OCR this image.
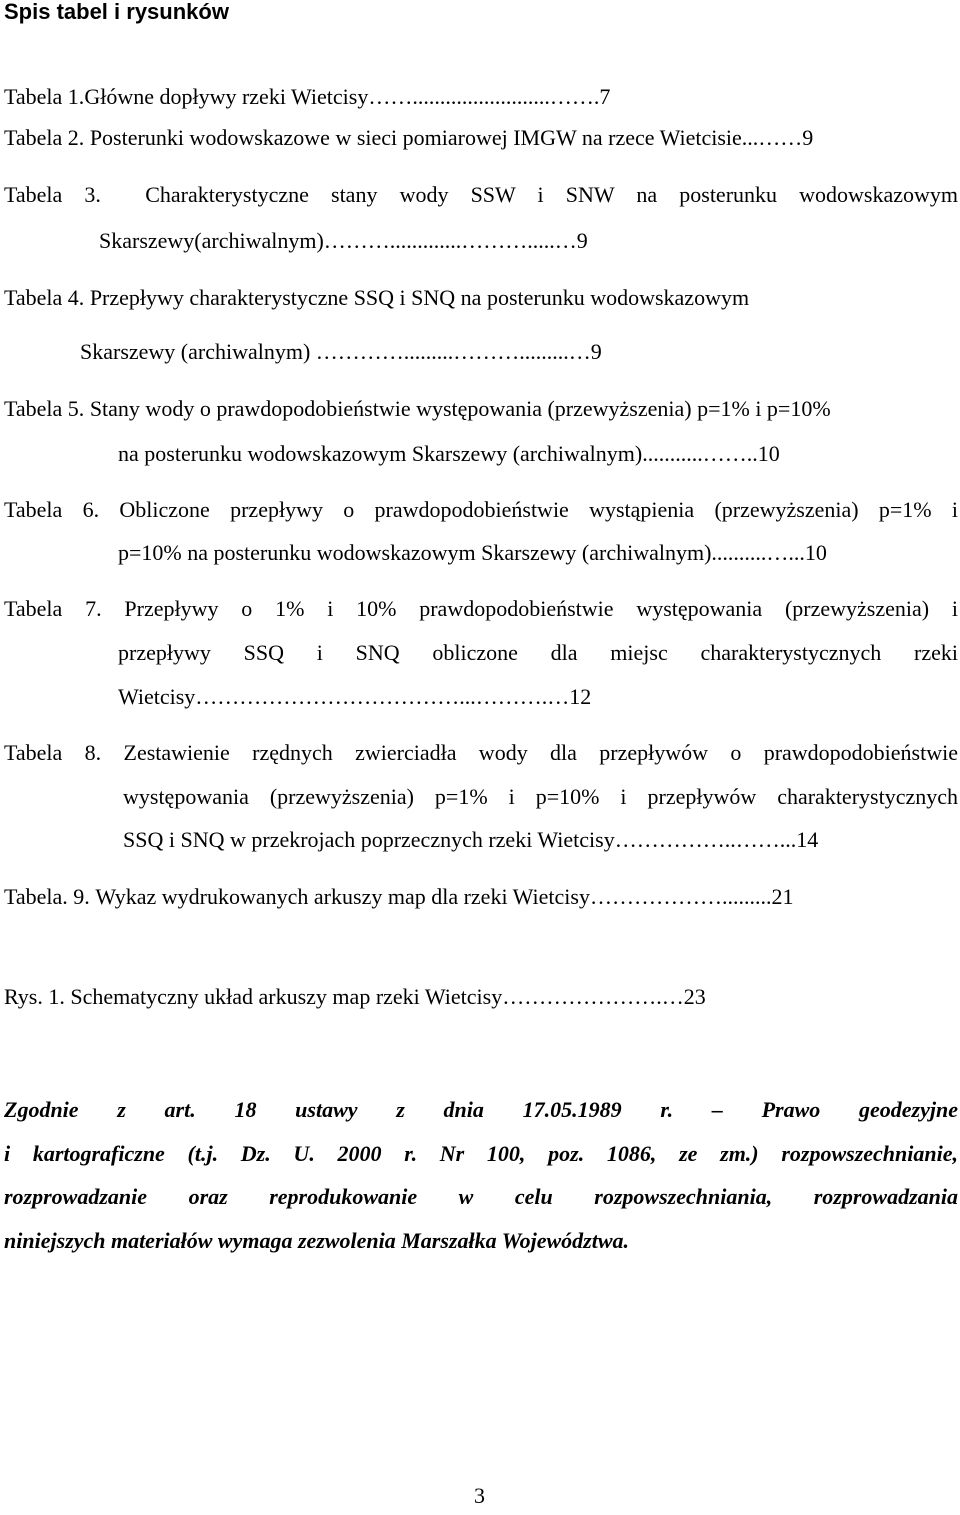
Spis tabel i rysunków
Tabela 1.Główne dopływy rzeki Wietcisy…….........................…….7
Tabela 2. Posterunki wodowskazowe w sieci pomiarowej IMGW na rzece Wietcisie...……9
Tabela 3. Charakterystyczne stany wody SSW i SNW na posterunku wodowskazowym
Skarszewy(archiwalnym)……….............……….....…9
Tabela 4. Przepływy charakterystyczne SSQ i SNQ na posterunku wodowskazowym
Skarszewy (archiwalnym) ………….........……….........…9
Tabela 5. Stany wody o prawdopodobieństwie występowania (przewyższenia) p=1% i p=10%
na posterunku wodowskazowym Skarszewy (archiwalnym)...........……..10
Tabela 6. Obliczone przepływy o prawdopodobieństwie wystąpienia (przewyższenia) p=1% i
p=10% na posterunku wodowskazowym Skarszewy (archiwalnym)..........…...10
Tabela 7. Przepływy o 1% i 10% prawdopodobieństwie występowania (przewyższenia) i
przepływy SSQ i SNQ obliczone dla miejsc charakterystycznych rzeki
Wietcisy………………………………...……….…12
Tabela 8. Zestawienie rzędnych zwierciadła wody dla przepływów o prawdopodobieństwie
występowania (przewyższenia) p=1% i p=10% i przepływów charakterystycznych
SSQ i SNQ w przekrojach poprzecznych rzeki Wietcisy……………..……...14
Tabela. 9. Wykaz wydrukowanych arkuszy map dla rzeki Wietcisy……………….........21
Rys. 1. Schematyczny układ arkuszy map rzeki Wietcisy………………….…23
Zgodnie z art. 18 ustawy z dnia 17.05.1989 r. – Prawo geodezyjne
i kartograficzne (t.j. Dz. U. 2000 r. Nr 100, poz. 1086, ze zm.) rozpowszechnianie,
rozprowadzanie oraz reprodukowanie w celu rozpowszechniania, rozprowadzania
niniejszych materiałów wymaga zezwolenia Marszałka Województwa.
3
